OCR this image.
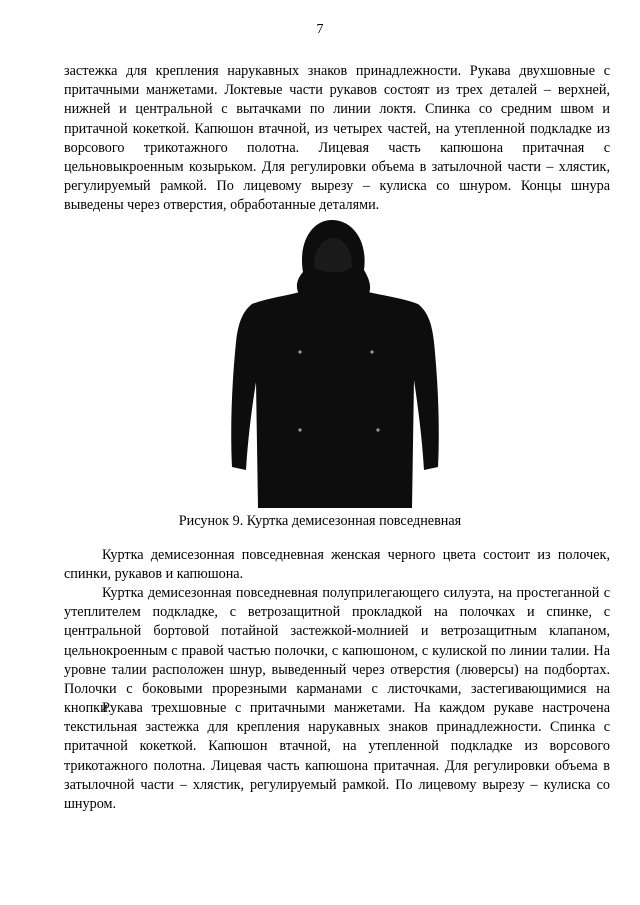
7

застежка для крепления нарукавных знаков принадлежности. Рукава двухшовные с притачными манжетами. Локтевые части рукавов состоят из трех деталей – верхней, нижней и центральной с вытачками по линии локтя. Спинка со средним швом и притачной кокеткой. Капюшон втачной, из четырех частей, на утепленной подкладке из ворсового трикотажного полотна. Лицевая часть капюшона притачная с цельновыкроенным козырьком. Для регулировки объема в затылочной части – хлястик, регулируемый рамкой. По лицевому вырезу – кулиска со шнуром. Концы шнура выведены через отверстия, обработанные деталями.

Рисунок 9. Куртка демисезонная повседневная

Куртка демисезонная повседневная женская черного цвета состоит из полочек, спинки, рукавов и капюшона.

Куртка демисезонная повседневная полуприлегающего силуэта, на простеганной с утеплителем подкладке, с ветрозащитной прокладкой на полочках и спинке, с центральной бортовой потайной застежкой-молнией и ветрозащитным клапаном, цельнокроенным с правой частью полочки, с капюшоном, с кулиской по линии талии. На уровне талии расположен шнур, выведенный через отверстия (люверсы) на подбортах. Полочки с боковыми прорезными карманами с листочками, застегивающимися на кнопки.

Рукава трехшовные с притачными манжетами. На каждом рукаве настрочена текстильная застежка для крепления нарукавных знаков принадлежности. Спинка с притачной кокеткой. Капюшон втачной, на утепленной подкладке из ворсового трикотажного полотна. Лицевая часть капюшона притачная. Для регулировки объема в затылочной части – хлястик, регулируемый рамкой. По лицевому вырезу – кулиска со шнуром.
